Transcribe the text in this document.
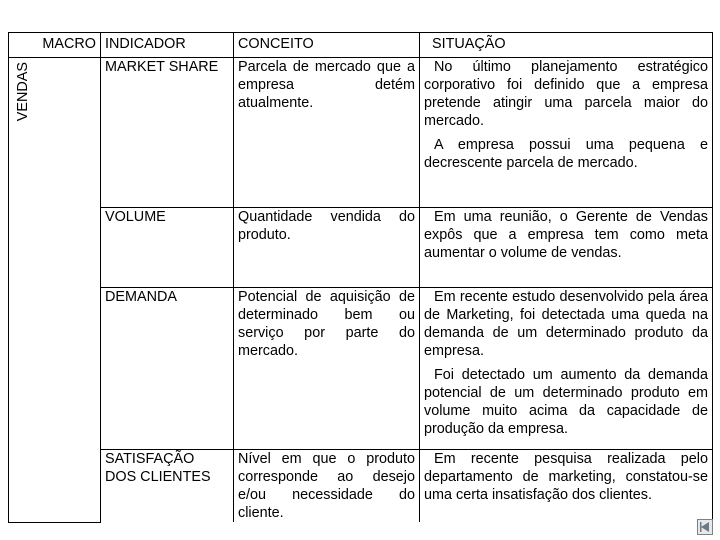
MACRO	INDICADOR	CONCEITO	SITUAÇÃO

VENDAS	MARKET SHARE	Parcela de mercado que a empresa detém atualmente.	No último planejamento estratégico corporativo foi definido que a empresa pretende atingir uma parcela maior do mercado.

A empresa possui uma pequena e decrescente parcela de mercado.

	VOLUME	Quantidade vendida do produto.	Em uma reunião, o Gerente de Vendas expôs que a empresa tem como meta aumentar o volume de vendas.

	DEMANDA	Potencial de aquisição de determinado bem ou serviço por parte do mercado.	Em recente estudo desenvolvido pela área de Marketing, foi detectada uma queda na demanda de um determinado produto da empresa.

Foi detectado um aumento da demanda potencial de um determinado produto em volume muito acima da capacidade de produção da empresa.

	SATISFAÇÃO DOS CLIENTES	Nível em que o produto corresponde ao desejo e/ou necessidade do cliente.	Em recente pesquisa realizada pelo departamento de marketing, constatou-se uma certa insatisfação dos clientes.
